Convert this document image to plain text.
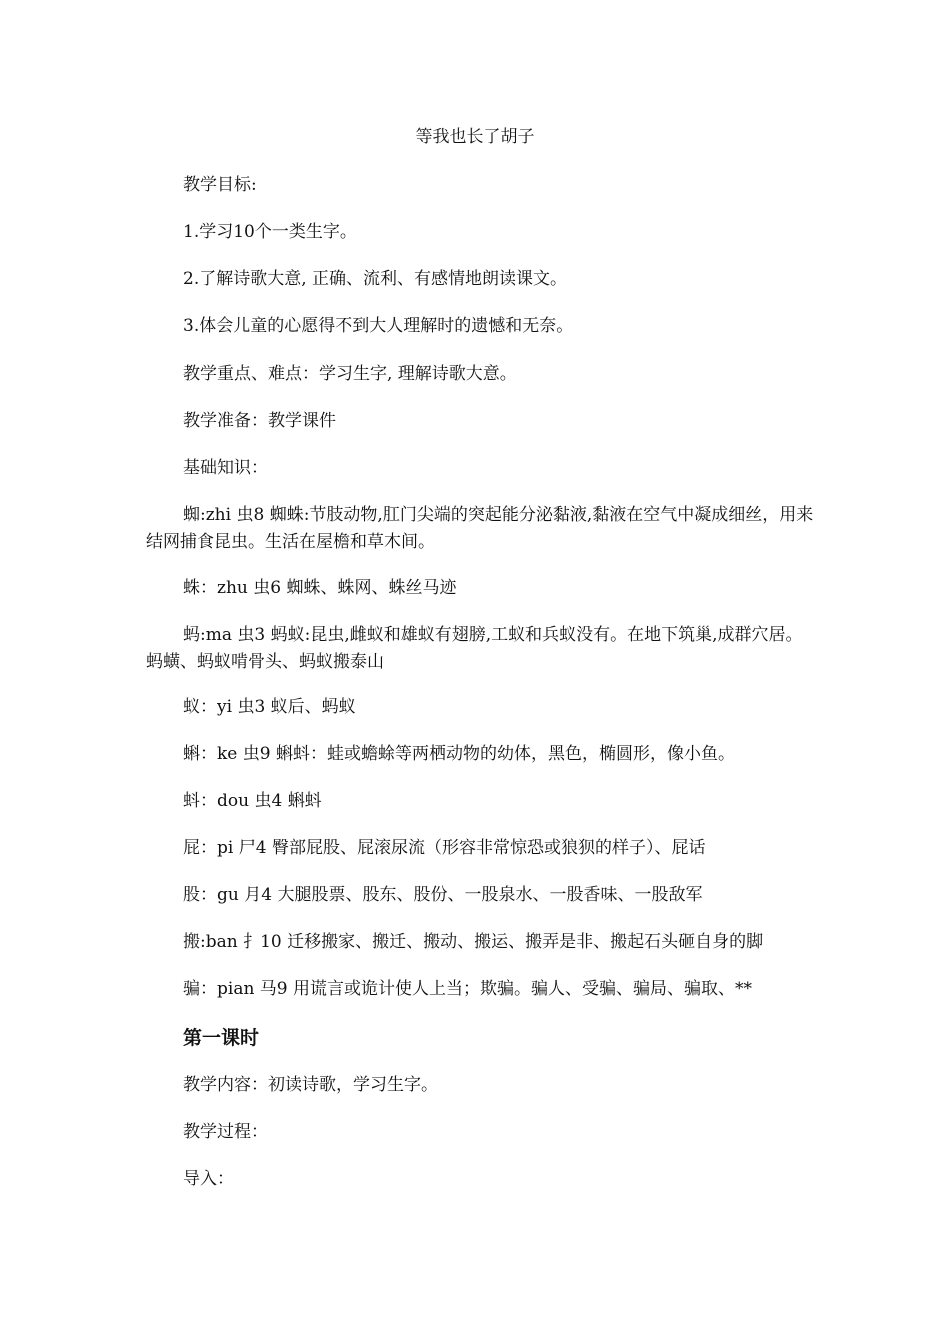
等我也长了胡子

教学目标:

1.学习10个一类生字。

2.了解诗歌大意, 正确、流利、有感情地朗读课文。

3.体会儿童的心愿得不到大人理解时的遗憾和无奈。

教学重点、难点：学习生字, 理解诗歌大意。

教学准备：教学课件

基础知识：

蜘:zhi 虫8 蜘蛛:节肢动物,肛门尖端的突起能分泌黏液,黏液在空气中凝成细丝，用来结网捕食昆虫。生活在屋檐和草木间。

蛛：zhu 虫6 蜘蛛、蛛网、蛛丝马迹

蚂:ma 虫3 蚂蚁:昆虫,雌蚁和雄蚁有翅膀,工蚁和兵蚁没有。在地下筑巢,成群穴居。蚂蟥、蚂蚁啃骨头、蚂蚁搬泰山

蚁：yi 虫3 蚁后、蚂蚁

蝌：ke 虫9 蝌蚪：蛙或蟾蜍等两栖动物的幼体，黑色，椭圆形，像小鱼。

蚪：dou 虫4 蝌蚪

屁：pi 尸4 臀部屁股、屁滚尿流（形容非常惊恐或狼狈的样子）、屁话

股：gu 月4 大腿股票、股东、股份、一股泉水、一股香味、一股敌军

搬:ban 扌10 迁移搬家、搬迁、搬动、搬运、搬弄是非、搬起石头砸自身的脚

骗：pian 马9 用谎言或诡计使人上当；欺骗。骗人、受骗、骗局、骗取、**

第一课时

教学内容：初读诗歌，学习生字。

教学过程：

导入：
